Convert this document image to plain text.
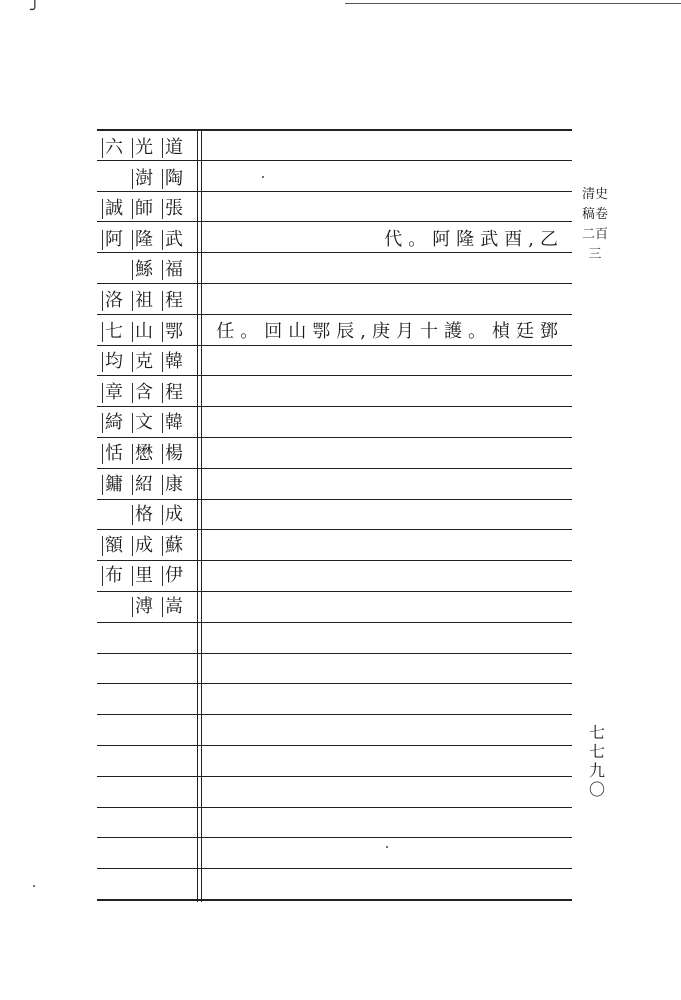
╯
六 光 道
澍 陶
誠 師 張
阿 隆 武	代。阿隆武酉,乙
鯀 福
洛 祖 程
七 山 鄂 任。回山鄂辰,庚月十護。楨廷鄧
均 克 韓
章 含 程
綺 文 韓
恬 懋 楊
鏞 紹 康
格 成
額 成 蘇
布 里 伊
溥 嵩
清史稿卷二百三
七七九〇
